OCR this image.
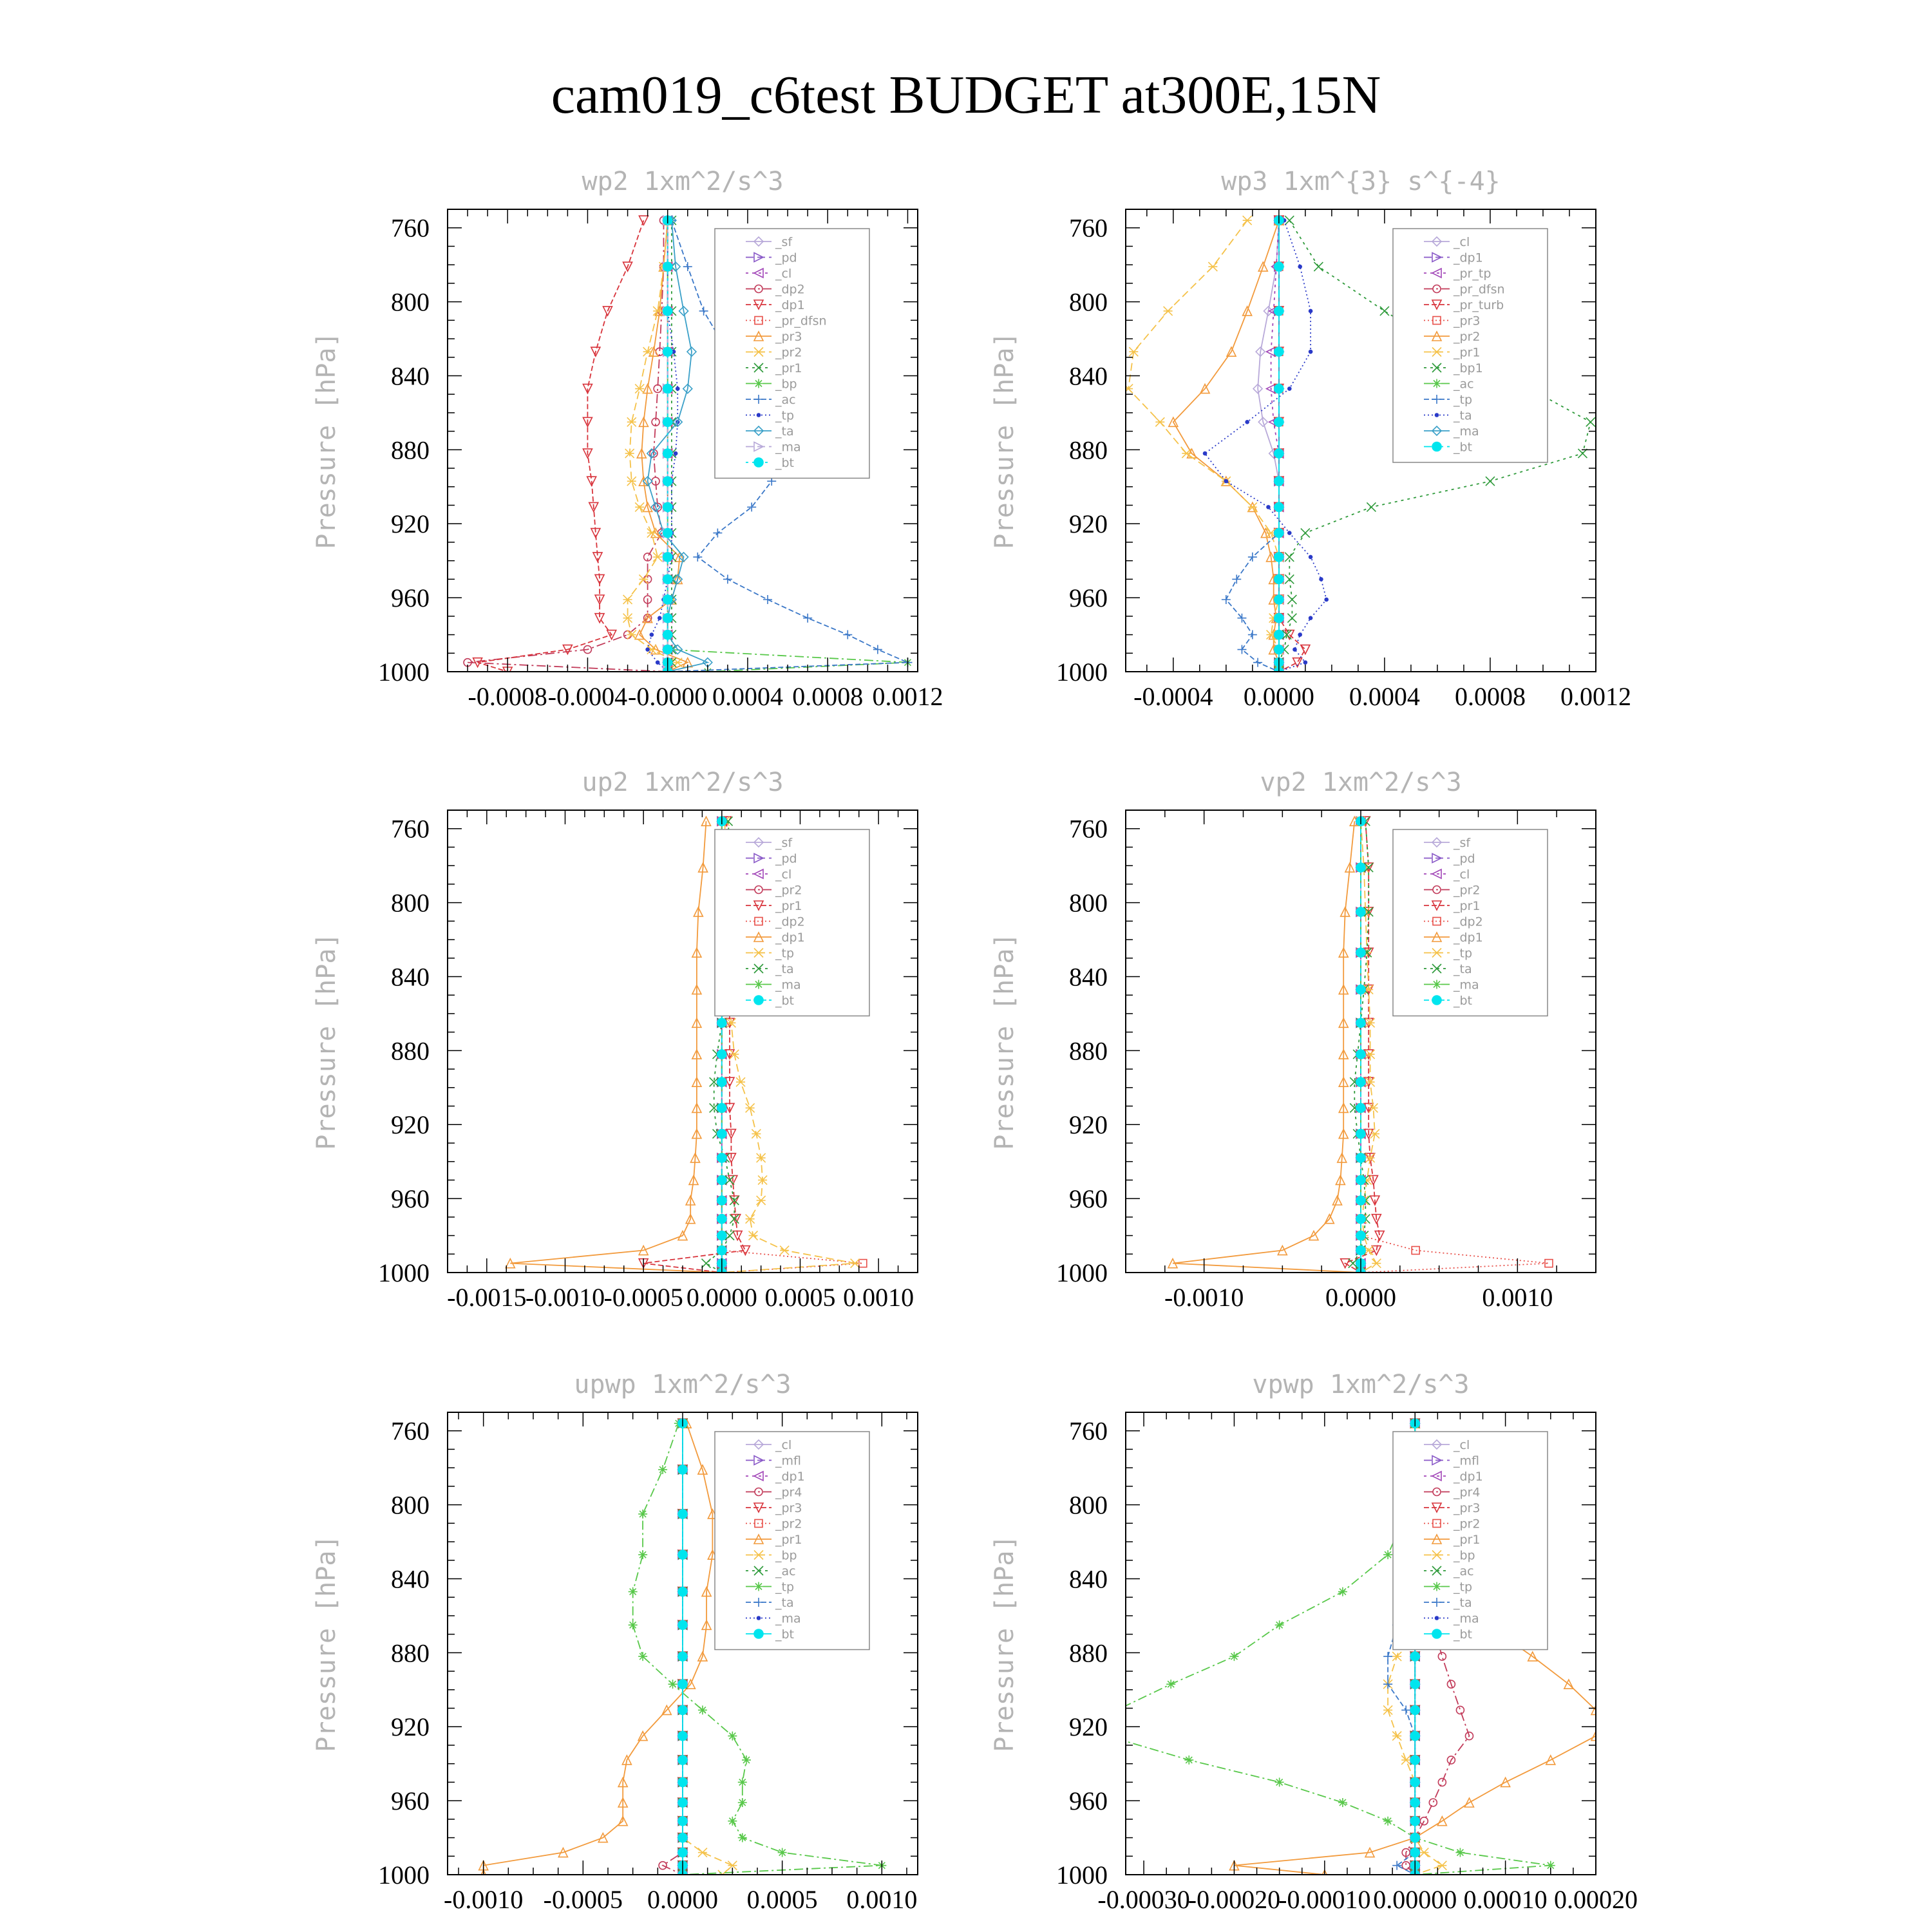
cam019_c6test BUDGET at300E,15N
wp2 1xm^2/s^3
Pressure [hPa]
760
800
840
880
920
960
1000
-0.0008 -0.0004 -0.0000 0.0004 0.0008 0.0012
_sf
_pd
_cl
_dp2
_dp1
_pr_dfsn
_pr3
_pr2
_pr1
_bp
_ac
_tp
_ta
_ma
_bt
wp3 1xm^{3} s^{-4}
Pressure [hPa]
760
800
840
880
920
960
1000
-0.0004 0.0000 0.0004 0.0008 0.0012
_cl
_dp1
_pr_tp
_pr_dfsn
_pr_turb
_pr3
_pr2
_pr1
_bp1
_ac
_tp
_ta
_ma
_bt
up2 1xm^2/s^3
Pressure [hPa]
760
800
840
880
920
960
1000
-0.0015
-0.0010
-0.0005 0.0000 0.0005 0.0010
_sf
_pd
_cl
_pr2
_pr1
_dp2
_dp1
_tp
_ta
_ma
_bt
vp2 1xm^2/s^3
Pressure [hPa]
760
800
840
880
920
960
1000
-0.0010	0.0000	0.0010
_sf
_pd
_cl
_pr2
_pr1
_dp2
_dp1
_tp
_ta
_ma
_bt
upwp 1xm^2/s^3
Pressure [hPa]
760
800
840
880
920
960
1000
-0.0010 -0.0005 0.0000 0.0005 0.0010
_cl
_mfl
_dp1
_pr4
_pr3
_pr2
_pr1
_bp
_ac
_tp
_ta
_ma
_bt
vpwp 1xm^2/s^3
Pressure [hPa]
760
800
840
880
920
960
1000
-0.00030
-0.00020
-0.00010 0.00000 0.00010 0.00020
_cl
_mfl
_dp1
_pr4
_pr3
_pr2
_pr1
_bp
_ac
_tp
_ta
_ma
_bt
